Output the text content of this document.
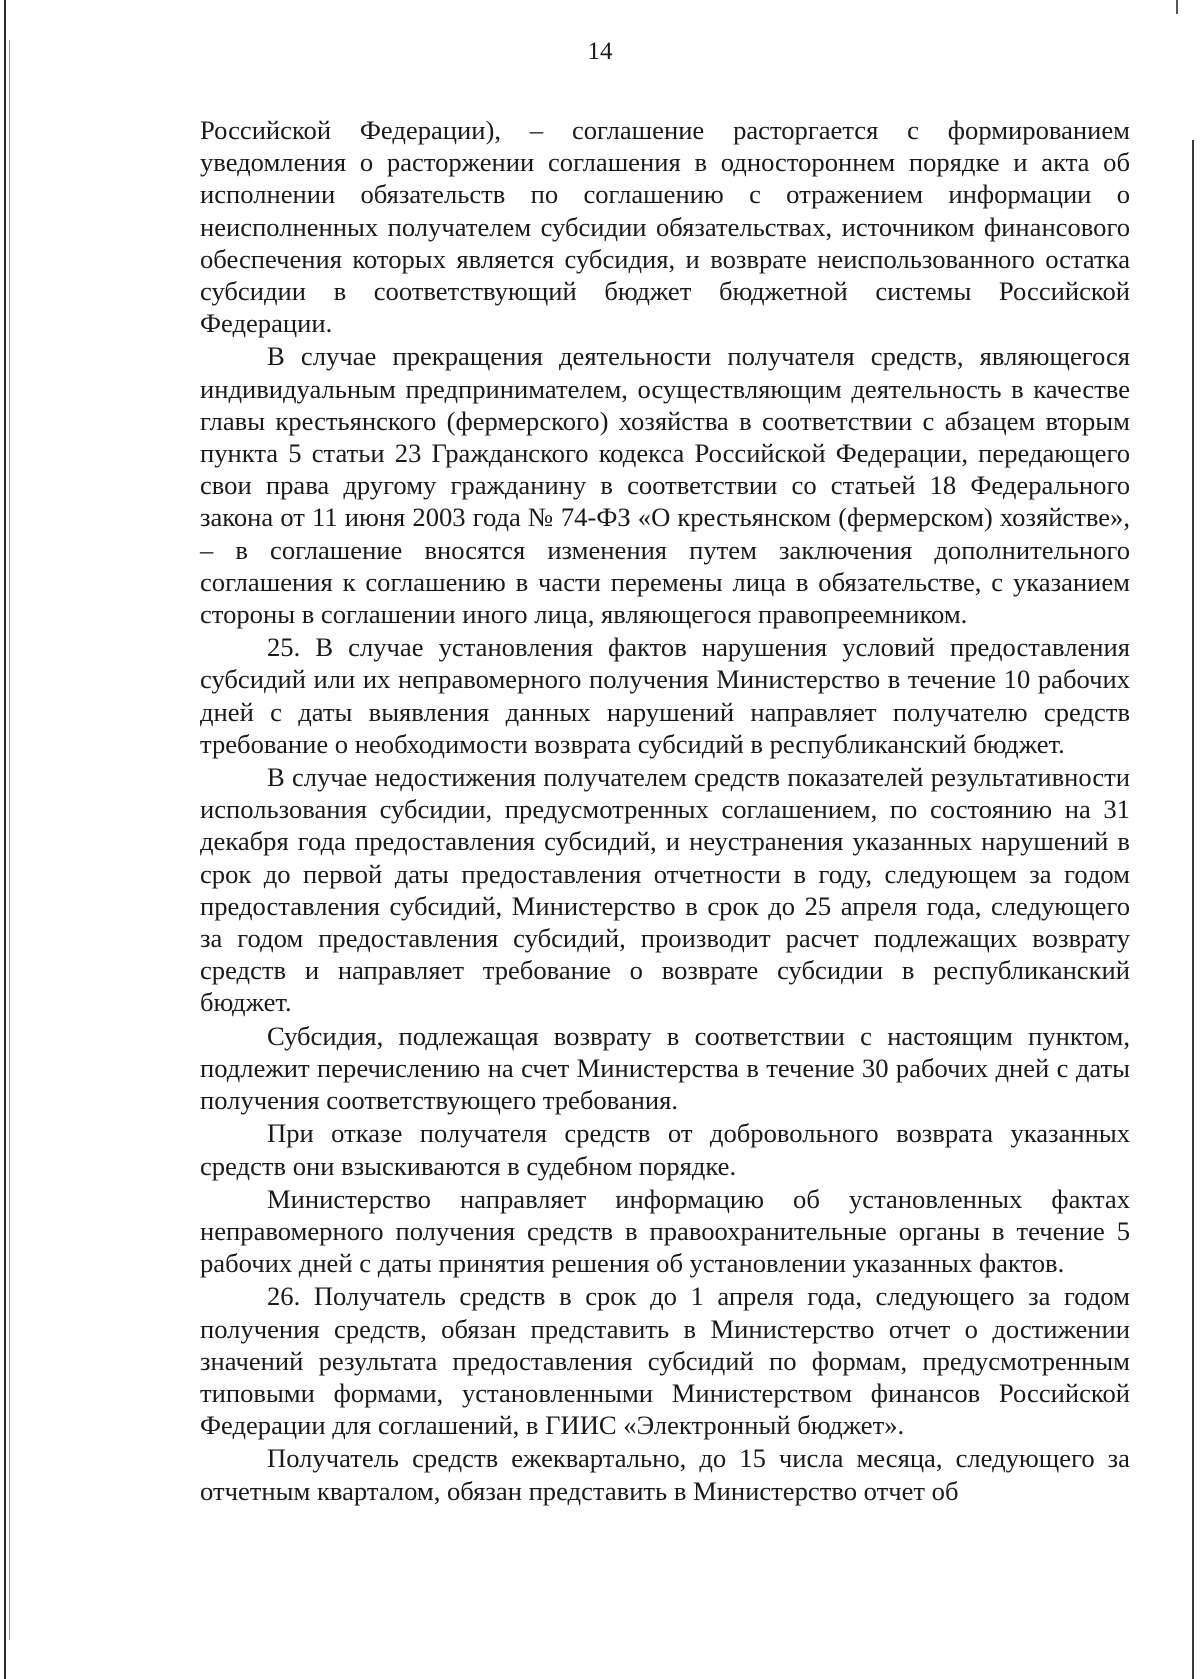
14

Российской Федерации), – соглашение расторгается с формированием уведомления о расторжении соглашения в одностороннем порядке и акта об исполнении обязательств по соглашению с отражением информации о неисполненных получателем субсидии обязательствах, источником финансового обеспечения которых является субсидия, и возврате неиспользованного остатка субсидии в соответствующий бюджет бюджетной системы Российской Федерации.

В случае прекращения деятельности получателя средств, являющегося индивидуальным предпринимателем, осуществляющим деятельность в качестве главы крестьянского (фермерского) хозяйства в соответствии с абзацем вторым пункта 5 статьи 23 Гражданского кодекса Российской Федерации, передающего свои права другому гражданину в соответствии со статьей 18 Федерального закона от 11 июня 2003 года № 74-ФЗ «О крестьянском (фермерском) хозяйстве», – в соглашение вносятся изменения путем заключения дополнительного соглашения к соглашению в части перемены лица в обязательстве, с указанием стороны в соглашении иного лица, являющегося правопреемником.

25. В случае установления фактов нарушения условий предоставления субсидий или их неправомерного получения Министерство в течение 10 рабочих дней с даты выявления данных нарушений направляет получателю средств требование о необходимости возврата субсидий в республиканский бюджет.

В случае недостижения получателем средств показателей результативности использования субсидии, предусмотренных соглашением, по состоянию на 31 декабря года предоставления субсидий, и неустранения указанных нарушений в срок до первой даты предоставления отчетности в году, следующем за годом предоставления субсидий, Министерство в срок до 25 апреля года, следующего за годом предоставления субсидий, производит расчет подлежащих возврату средств и направляет требование о возврате субсидии в республиканский бюджет.

Субсидия, подлежащая возврату в соответствии с настоящим пунктом, подлежит перечислению на счет Министерства в течение 30 рабочих дней с даты получения соответствующего требования.

При отказе получателя средств от добровольного возврата указанных средств они взыскиваются в судебном порядке.

Министерство направляет информацию об установленных фактах неправомерного получения средств в правоохранительные органы в течение 5 рабочих дней с даты принятия решения об установлении указанных фактов.

26. Получатель средств в срок до 1 апреля года, следующего за годом получения средств, обязан представить в Министерство отчет о достижении значений результата предоставления субсидий по формам, предусмотренным типовыми формами, установленными Министерством финансов Российской Федерации для соглашений, в ГИИС «Электронный бюджет».

Получатель средств ежеквартально, до 15 числа месяца, следующего за отчетным кварталом, обязан представить в Министерство отчет об
